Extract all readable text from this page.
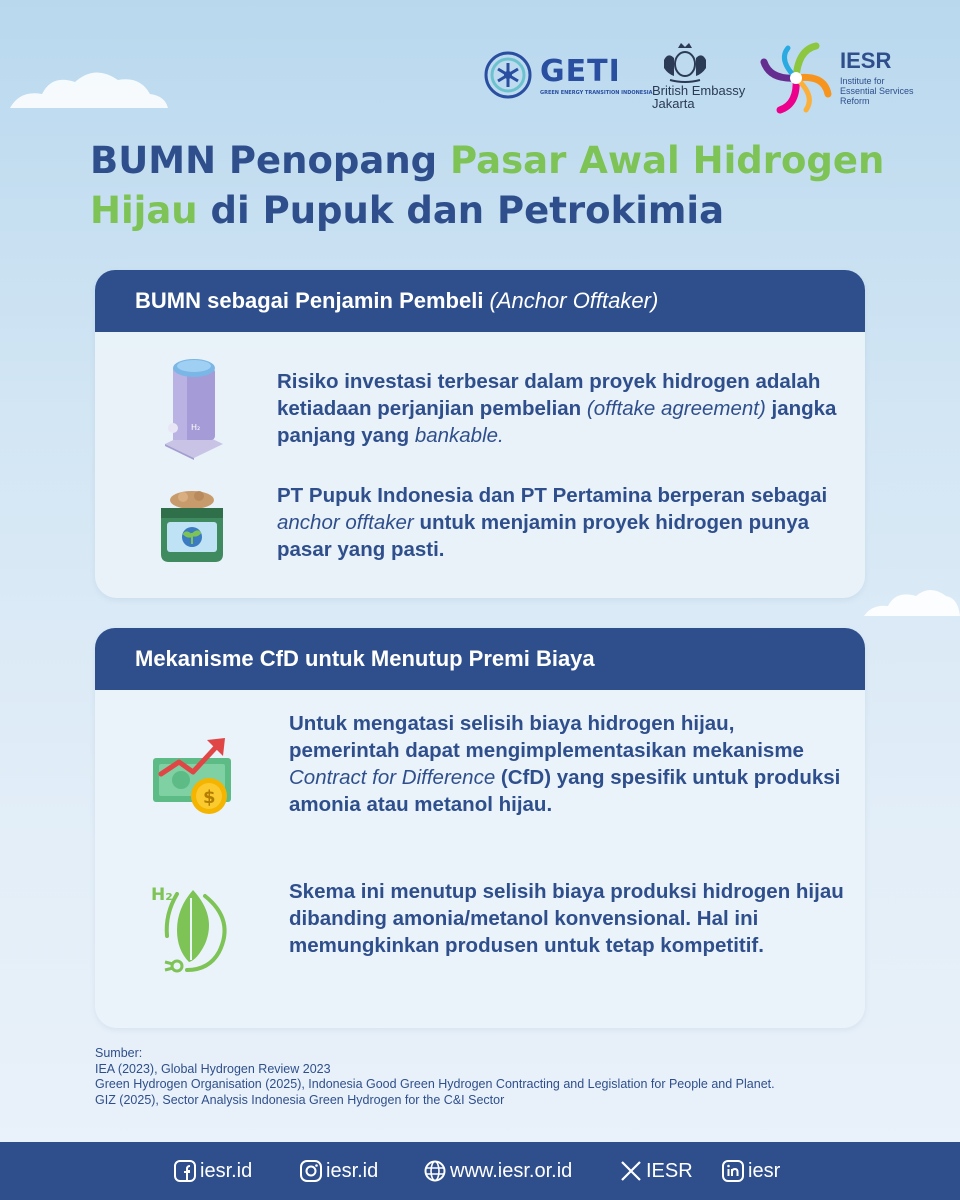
GETI
GREEN ENERGY TRANSITION INDONESIA British Embassy
Jakarta
IESR
Institute for
Essential Services
Reform
BUMN Penopang Pasar Awal Hidrogen
Hijau di Pupuk dan Petrokimia
BUMN sebagai Penjamin Pembeli (Anchor Offtaker)
H₂
Risiko investasi terbesar dalam proyek hidrogen adalah ketiadaan perjanjian pembelian (offtake agreement) jangka panjang yang bankable.
PT Pupuk Indonesia dan PT Pertamina berperan sebagai anchor offtaker untuk menjamin proyek hidrogen punya pasar yang pasti.
Mekanisme CfD untuk Menutup Premi Biaya
$
Untuk mengatasi selisih biaya hidrogen hijau, pemerintah dapat mengimplementasikan mekanisme Contract for Difference (CfD) yang spesifik untuk produksi amonia atau metanol hijau.
H₂	Skema ini menutup selisih biaya produksi hidrogen hijau dibanding amonia/metanol konvensional. Hal ini memungkinkan produsen untuk tetap kompetitif.
Sumber:
IEA (2023), Global Hydrogen Review 2023
Green Hydrogen Organisation (2025), Indonesia Good Green Hydrogen Contracting and Legislation for People and Planet.
GIZ (2025), Sector Analysis Indonesia Green Hydrogen for the C&I Sector
iesr.id	iesr.id	www.iesr.or.id	IESR	iesr
